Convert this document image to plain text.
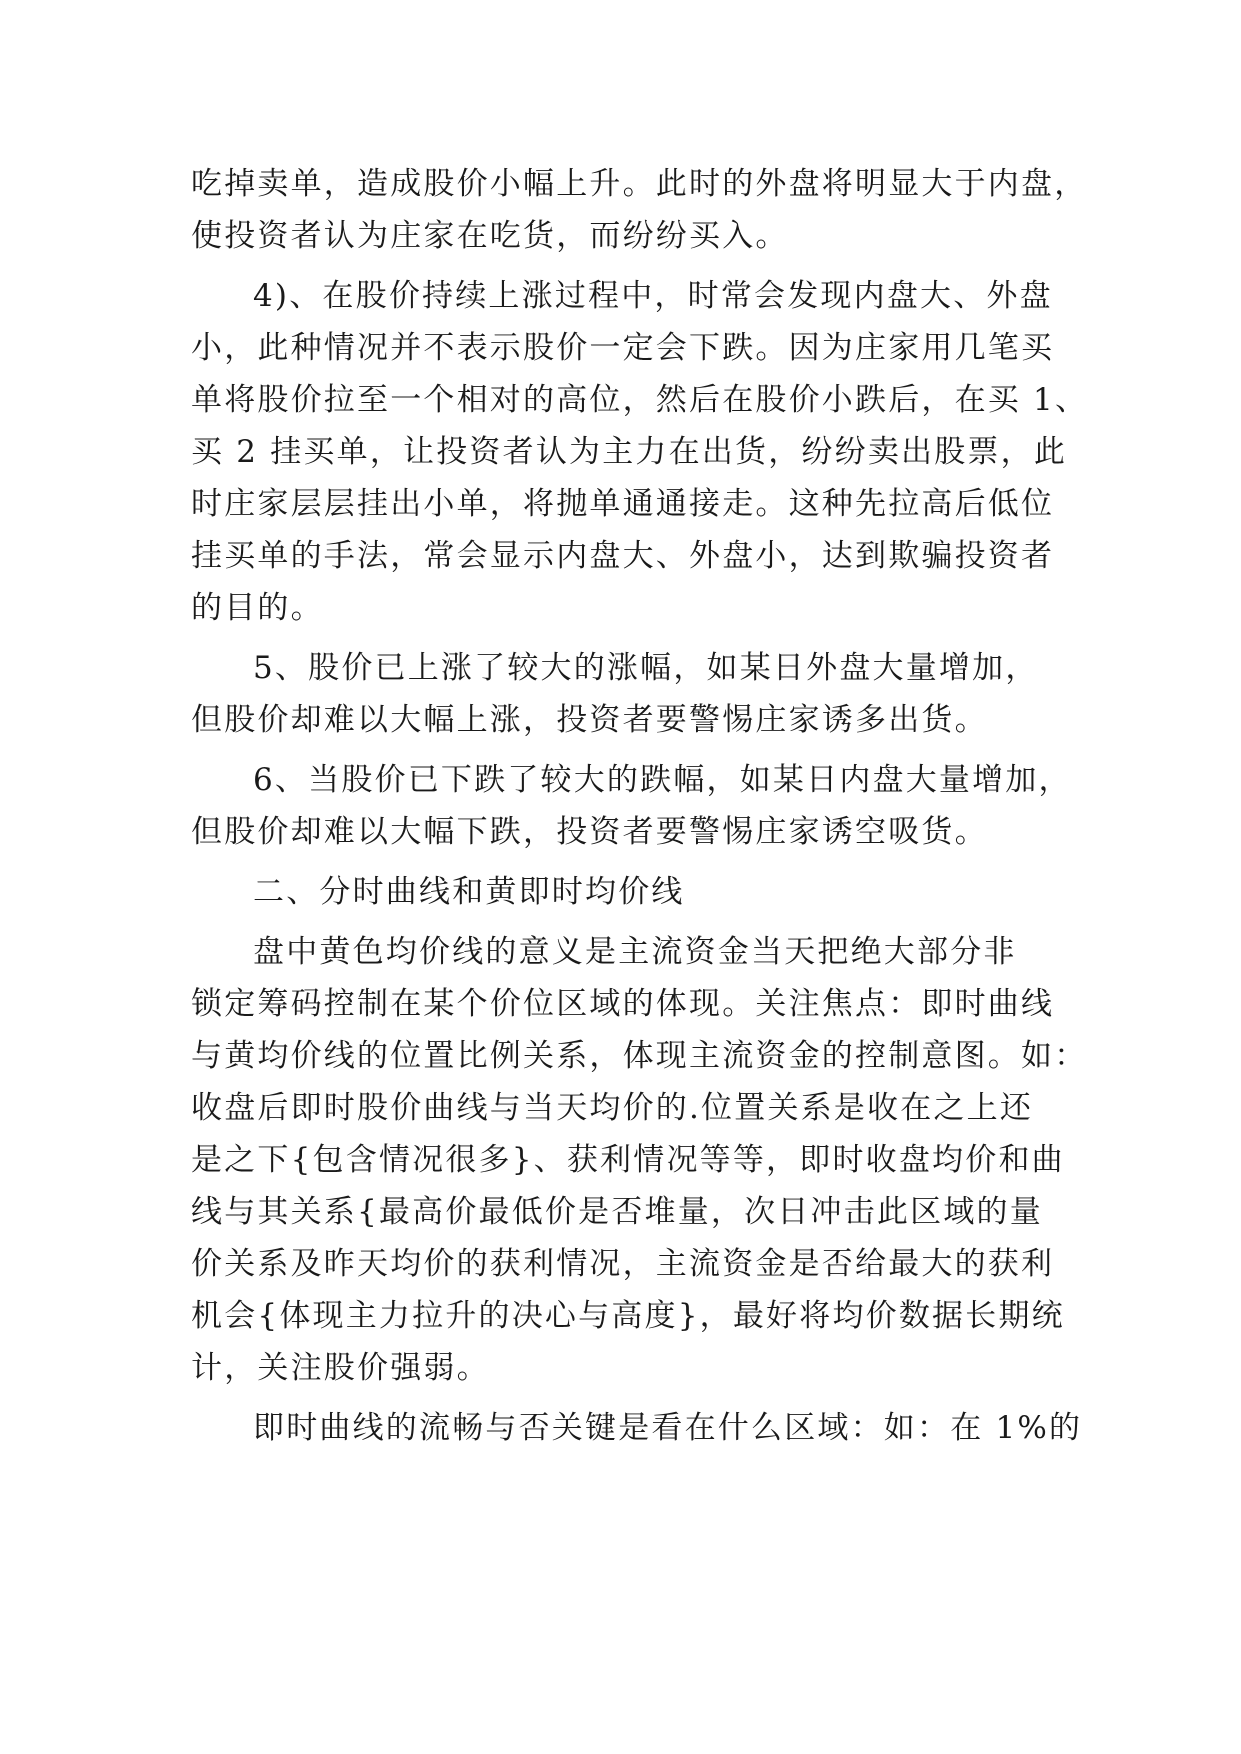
吃掉卖单，造成股价小幅上升。此时的外盘将明显大于内盘，
使投资者认为庄家在吃货，而纷纷买入。
4)、在股价持续上涨过程中，时常会发现内盘大、外盘
小，此种情况并不表示股价一定会下跌。因为庄家用几笔买
单将股价拉至一个相对的高位，然后在股价小跌后，在买 1、
买 2 挂买单，让投资者认为主力在出货，纷纷卖出股票，此
时庄家层层挂出小单，将抛单通通接走。这种先拉高后低位
挂买单的手法，常会显示内盘大、外盘小，达到欺骗投资者
的目的。
5、股价已上涨了较大的涨幅，如某日外盘大量增加，
但股价却难以大幅上涨，投资者要警惕庄家诱多出货。
6、当股价已下跌了较大的跌幅，如某日内盘大量增加，
但股价却难以大幅下跌，投资者要警惕庄家诱空吸货。
二、分时曲线和黄即时均价线
盘中黄色均价线的意义是主流资金当天把绝大部分非
锁定筹码控制在某个价位区域的体现。关注焦点：即时曲线
与黄均价线的位置比例关系，体现主流资金的控制意图。如：
收盘后即时股价曲线与当天均价的.位置关系是收在之上还
是之下{包含情况很多}、获利情况等等，即时收盘均价和曲
线与其关系{最高价最低价是否堆量，次日冲击此区域的量
价关系及昨天均价的获利情况，主流资金是否给最大的获利
机会{体现主力拉升的决心与高度}，最好将均价数据长期统
计，关注股价强弱。
即时曲线的流畅与否关键是看在什么区域：如：在 1%的
